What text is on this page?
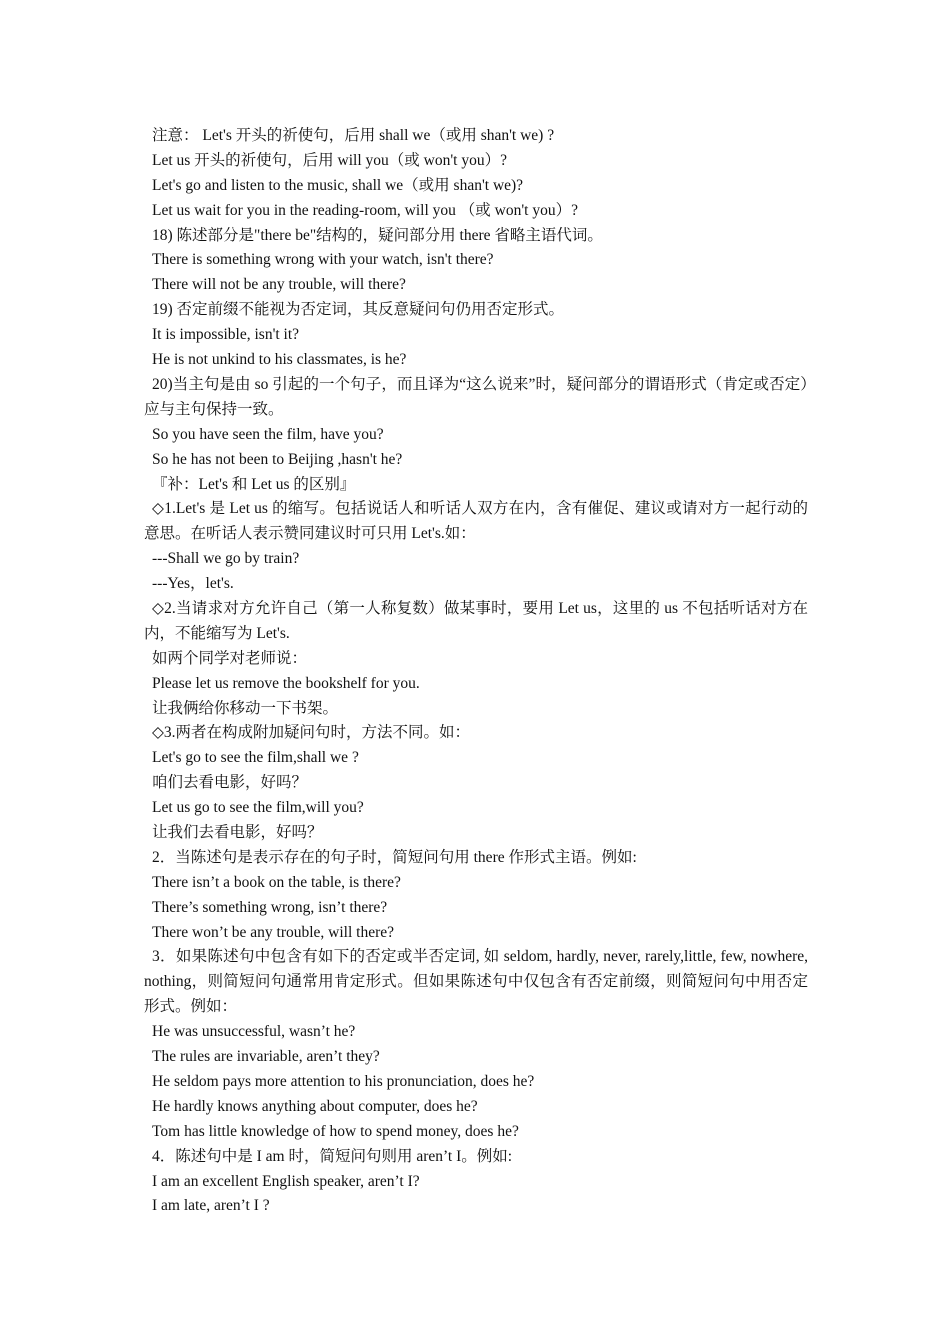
注意： Let's 开头的祈使句，后用 shall we（或用 shan't we) ?
Let us 开头的祈使句，后用 will you（或 won't you）?
Let's go and listen to the music, shall we（或用 shan't we)?
Let us wait for you in the reading-room, will you （或 won't you）?
18) 陈述部分是"there be"结构的，疑问部分用 there 省略主语代词。
There is something wrong with your watch, isn't there?
There will not be any trouble, will there?
19) 否定前缀不能视为否定词，其反意疑问句仍用否定形式。
It is impossible, isn't it?
He is not unkind to his classmates, is he?
20)当主句是由 so 引起的一个句子，而且译为“这么说来”时，疑问部分的谓语形式（肯定或否定）应与主句保持一致。
So you have seen the film, have you?
So he has not been to Beijing ,hasn't he?
『补：Let's 和 Let us 的区别』
◇1.Let's 是 Let us 的缩写。包括说话人和听话人双方在内，含有催促、建议或请对方一起行动的意思。在听话人表示赞同建议时可只用 Let's.如：
---Shall we go by train?
---Yes，let's.
◇2.当请求对方允许自己（第一人称复数）做某事时，要用 Let us，这里的 us 不包括听话对方在内，不能缩写为 Let's.
如两个同学对老师说：
Please let us remove the bookshelf for you.
让我俩给你移动一下书架。
◇3.两者在构成附加疑问句时，方法不同。如：
Let's go to see the film,shall we ?
咱们去看电影，好吗？
Let us go to see the film,will you?
让我们去看电影，好吗？
2．当陈述句是表示存在的句子时，简短问句用 there 作形式主语。例如:
There isn’t a book on the table, is there?
There’s something wrong, isn’t there?
There won’t be any trouble, will there?
3．如果陈述句中包含有如下的否定或半否定词, 如 seldom, hardly, never, rarely,little, few, nowhere, nothing，则简短问句通常用肯定形式。但如果陈述句中仅包含有否定前缀，则简短问句中用否定形式。例如：
He was unsuccessful, wasn’t he?
The rules are invariable, aren’t they?
He seldom pays more attention to his pronunciation, does he?
He hardly knows anything about computer, does he?
Tom has little knowledge of how to spend money, does he?
4．陈述句中是 I am 时，简短问句则用 aren’t I。例如:
I am an excellent English speaker, aren’t I?
I am late, aren’t I ?
